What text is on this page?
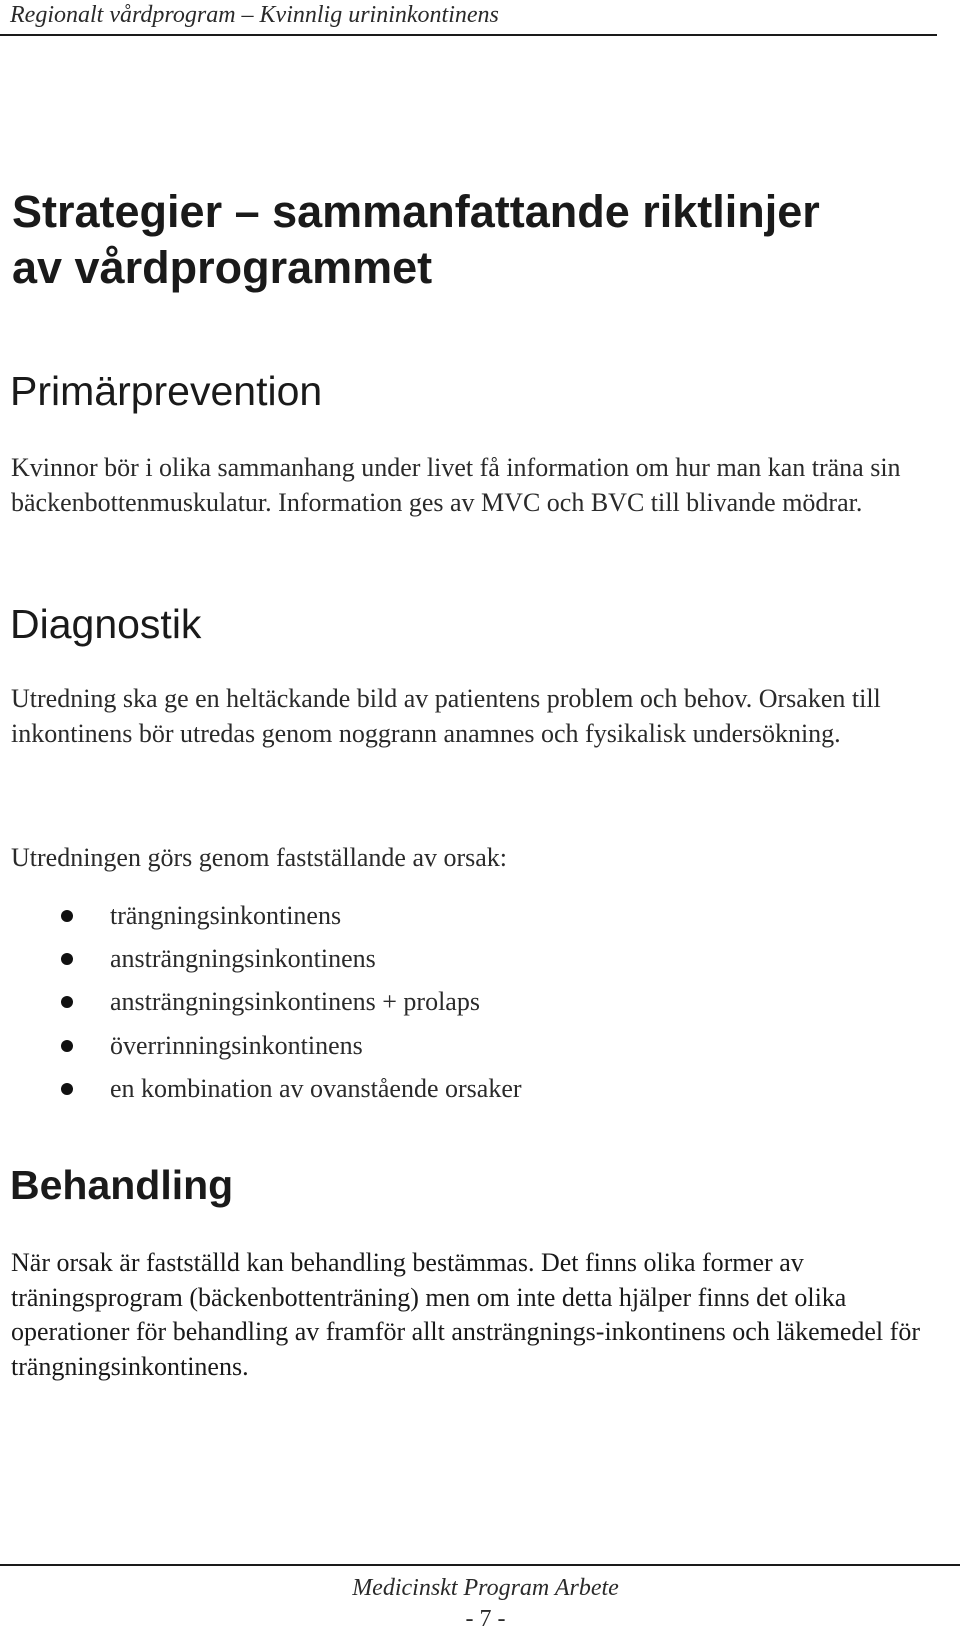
Regionalt vårdprogram – Kvinnlig urininkontinens
Strategier – sammanfattande riktlinjer
av vårdprogrammet
Primärprevention

Kvinnor bör i olika sammanhang under livet få information om hur man kan träna sin bäckenbottenmuskulatur. Information ges av MVC och BVC till blivande mödrar.

Diagnostik

Utredning ska ge en heltäckande bild av patientens problem och behov. Orsaken till inkontinens bör utredas genom noggrann anamnes och fysikalisk undersökning.

Utredningen görs genom fastställande av orsak:

trängningsinkontinens
ansträngningsinkontinens
ansträngningsinkontinens + prolaps
överrinningsinkontinens
en kombination av ovanstående orsaker
Behandling

När orsak är fastställd kan behandling bestämmas. Det finns olika former av träningsprogram (bäckenbottenträning) men om inte detta hjälper finns det olika operationer för behandling av framför allt ansträngnings-inkontinens och läkemedel för trängningsinkontinens.

Medicinskt Program Arbete
- 7 -
